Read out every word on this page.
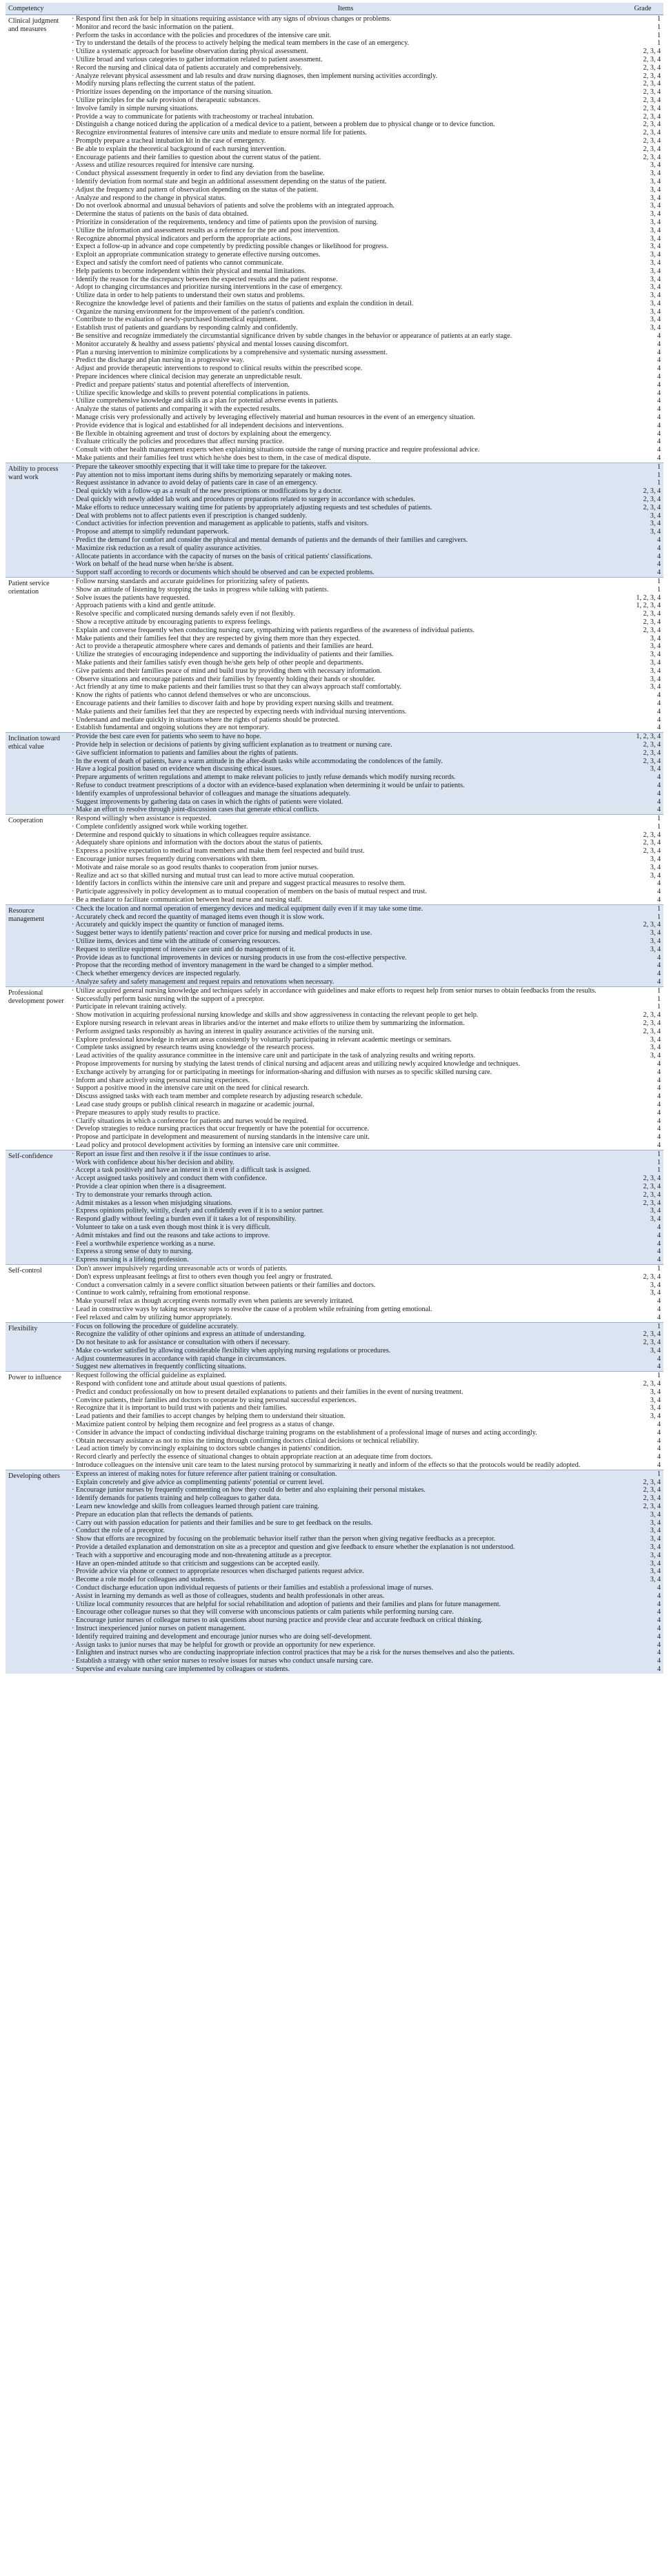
Competency	Items	Grade
Clinical judgment and measures	· Respond first then ask for help in situations requiring assistance with any signs of obvious changes or problems.	1
	· Monitor and record the basic information on the patient.	1
	· Perform the tasks in accordance with the policies and procedures of the intensive care unit.	1
	· Try to understand the details of the process to actively helping the medical team members in the case of an emergency.	1
	· Utilize a systematic approach for baseline observation during physical assessment.	2, 3, 4
	· Utilize broad and various categories to gather information related to patient assessment.	2, 3, 4
	· Record the nursing and clinical data of patients accurately and comprehensively.	2, 3, 4
	· Analyze relevant physical assessment and lab results and draw nursing diagnoses, then implement nursing activities accordingly.	2, 3, 4
	· Modify nursing plans reflecting the current status of the patient.	2, 3, 4
	· Prioritize issues depending on the importance of the nursing situation.	2, 3, 4
	· Utilize principles for the safe provision of therapeutic substances.	2, 3, 4
	· Involve family in simple nursing situations.	2, 3, 4
	· Provide a way to communicate for patients with tracheostomy or tracheal intubation.	2, 3, 4
	· Distinguish a change noticed during the application of a medical device to a patient, between a problem due to physical change or to device function.	2, 3, 4
	· Recognize environmental features of intensive care units and mediate to ensure normal life for patients.	2, 3, 4
	· Promptly prepare a tracheal intubation kit in the case of emergency.	2, 3, 4
	· Be able to explain the theoretical background of each nursing intervention.	2, 3, 4
	· Encourage patients and their families to question about the current status of the patient.	2, 3, 4
	· Assess and utilize resources required for intensive care nursing.	3, 4
	· Conduct physical assessment frequently in order to find any deviation from the baseline.	3, 4
	· Identify deviation from normal state and begin an additional assessment depending on the status of the patient.	3, 4
	· Adjust the frequency and pattern of observation depending on the status of the patient.	3, 4
	· Analyze and respond to the change in physical status.	3, 4
	· Do not overlook abnormal and unusual behaviors of patients and solve the problems with an integrated approach.	3, 4
	· Determine the status of patients on the basis of data obtained.	3, 4
	· Prioritize in consideration of the requirements, tendency and time of patients upon the provision of nursing.	3, 4
	· Utilize the information and assessment results as a reference for the pre and post intervention.	3, 4
	· Recognize abnormal physical indicators and perform the appropriate actions.	3, 4
	· Expect a follow-up in advance and cope competently by predicting possible changes or likelihood for progress.	3, 4
	· Exploit an appropriate communication strategy to generate effective nursing outcomes.	3, 4
	· Expect and satisfy the comfort need of patients who cannot communicate.	3, 4
	· Help patients to become independent within their physical and mental limitations.	3, 4
	· Identify the reason for the discrepancy between the expected results and the patient response.	3, 4
	· Adopt to changing circumstances and prioritize nursing interventions in the case of emergency.	3, 4
	· Utilize data in order to help patients to understand their own status and problems.	3, 4
	· Recognize the knowledge level of patients and their families on the status of patients and explain the condition in detail.	3, 4
	· Organize the nursing environment for the improvement of the patient's condition.	3, 4
	· Contribute to the evaluation of newly-purchased biomedical equipment.	3, 4
	· Establish trust of patients and guardians by responding calmly and confidently.	3, 4
	· Be sensitive and recognize immediately the circumstantial significance driven by subtle changes in the behavior or appearance of patients at an early stage.	4
	· Monitor accurately & healthy and assess patients' physical and mental losses causing discomfort.	4
	· Plan a nursing intervention to minimize complications by a comprehensive and systematic nursing assessment.	4
	· Predict the discharge and plan nursing in a progressive way.	4
	· Adjust and provide therapeutic interventions to respond to clinical results within the prescribed scope.	4
	· Prepare incidences where clinical decision may generate an unpredictable result.	4
	· Predict and prepare patients' status and potential aftereffects of intervention.	4
	· Utilize specific knowledge and skills to prevent potential complications in patients.	4
	· Utilize comprehensive knowledge and skills as a plan for potential adverse events in patients.	4
	· Analyze the status of patients and comparing it with the expected results.	4
	· Manage crisis very professionally and actively by leveraging effectively material and human resources in the event of an emergency situation.	4
	· Provide evidence that is logical and established for all independent decisions and interventions.	4
	· Be flexible in obtaining agreement and trust of doctors by explaining about the emergency.	4
	· Evaluate critically the policies and procedures that affect nursing practice.	4
	· Consult with other health management experts when explaining situations outside the range of nursing practice and require professional advice.	4
	· Make patients and their families feel trust which he/she does best to them, in the case of medical dispute.	4
Ability to process ward work	· Prepare the takeover smoothly expecting that it will take time to prepare for the takeover.	1
	· Pay attention not to miss important items during shifts by memorizing separately or making notes.	1
	· Request assistance in advance to avoid delay of patients care in case of an emergency.	1
	· Deal quickly with a follow-up as a result of the new prescriptions or modifications by a doctor.	2, 3, 4
	· Deal quickly with newly added lab work and procedures or preparations related to surgery in accordance with schedules.	2, 3, 4
	· Make efforts to reduce unnecessary waiting time for patients by appropriately adjusting requests and test schedules of patients.	2, 3, 4
	· Deal with problems not to affect patients even if prescription is changed suddenly.	3, 4
	· Conduct activities for infection prevention and management as applicable to patients, staffs and visitors.	3, 4
	· Propose and attempt to simplify redundant paperwork.	3, 4
	· Predict the demand for comfort and consider the physical and mental demands of patients and the demands of their families and caregivers.	4
	· Maximize risk reduction as a result of quality assurance activities.	4
	· Allocate patients in accordance with the capacity of nurses on the basis of critical patients' classifications.	4
	· Work on behalf of the head nurse when he/she is absent.	4
	· Support staff according to records or documents which should be observed and can be expected problems.	4
Patient service orientation	· Follow nursing standards and accurate guidelines for prioritizing safety of patients.	1
	· Show an attitude of listening by stopping the tasks in progress while talking with patients.	1
	· Solve issues the patients have requested.	1, 2, 3, 4
	· Approach patients with a kind and gentle attitude.	1, 2, 3, 4
	· Resolve specific and complicated nursing demands safely even if not flexibly.	2, 3, 4
	· Show a receptive attitude by encouraging patients to express feelings.	2, 3, 4
	· Explain and converse frequently when conducting nursing care, sympathizing with patients regardless of the awareness of individual patients.	2, 3, 4
	· Make patients and their families feel that they are respected by giving them more than they expected.	3, 4
	· Act to provide a therapeutic atmosphere where cares and demands of patients and their families are heard.	3, 4
	· Utilize the strategies of encouraging independence and supporting the individuality of patients and their families.	3, 4
	· Make patients and their families satisfy even though he/she gets help of other people and departments.	3, 4
	· Give patients and their families peace of mind and build trust by providing them with necessary information.	3, 4
	· Observe situations and encourage patients and their families by frequently holding their hands or shoulder.	3, 4
	· Act friendly at any time to make patients and their families trust so that they can always approach staff comfortably.	3, 4
	· Know the rights of patients who cannot defend themselves or who are unconscious.	4
	· Encourage patients and their families to discover faith and hope by providing expert nursing skills and treatment.	4
	· Make patients and their families feel that they are respected by expecting needs with individual nursing interventions.	4
	· Understand and mediate quickly in situations where the rights of patients should be protected.	4
	· Establish fundamental and ongoing solutions they are not temporary.	4
Inclination toward ethical value	· Provide the best care even for patients who seem to have no hope.	1, 2, 3, 4
	· Provide help in selection or decisions of patients by giving sufficient explanation as to treatment or nursing care.	2, 3, 4
	· Give sufficient information to patients and families about the rights of patients.	2, 3, 4
	· In the event of death of patients, have a warm attitude in the after-death tasks while accommodating the condolences of the family.	2, 3, 4
	· Have a logical position based on evidence when discussing ethical issues.	3, 4
	· Prepare arguments of written regulations and attempt to make relevant policies to justly refuse demands which modify nursing records.	4
	· Refuse to conduct treatment prescriptions of a doctor with an evidence-based explanation when determining it would be unfair to patients.	4
	· Identify examples of unprofessional behavior of colleagues and manage the situations adequately.	4
	· Suggest improvements by gathering data on cases in which the rights of patients were violated.	4
	· Make an effort to resolve through joint-discussion cases that generate ethical conflicts.	4
Cooperation	· Respond willingly when assistance is requested.	1
	· Complete confidently assigned work while working together.	1
	· Determine and respond quickly to situations in which colleagues require assistance.	2, 3, 4
	· Adequately share opinions and information with the doctors about the status of patients.	2, 3, 4
	· Express a positive expectation to medical team members and make them feel respected and build trust.	2, 3, 4
	· Encourage junior nurses frequently during conversations with them.	3, 4
	· Motivate and raise morale so as good results thanks to cooperation from junior nurses.	3, 4
	· Realize and act so that skilled nursing and mutual trust can lead to more active mutual cooperation.	3, 4
	· Identify factors in conflicts within the intensive care unit and prepare and suggest practical measures to resolve them.	4
	· Participate aggressively in policy development as to mutual cooperation of members on the basis of mutual respect and trust.	4
	· Be a mediator to facilitate communication between head nurse and nursing staff.	4
Resource management	· Check the location and normal operation of emergency devices and medical equipment daily even if it may take some time.	1
	· Accurately check and record the quantity of managed items even though it is slow work.	1
	· Accurately and quickly inspect the quantity or function of managed items.	2, 3, 4
	· Suggest better ways to identify patients' reaction and cover price for nursing and medical products in use.	3, 4
	· Utilize items, devices and time with the attitude of conserving resources.	3, 4
	· Request to sterilize equipment of intensive care unit and do management of it.	3, 4
	· Provide ideas as to functional improvements in devices or nursing products in use from the cost-effective perspective.	4
	· Propose that the recording method of inventory management in the ward be changed to a simpler method.	4
	· Check whether emergency devices are inspected regularly.	4
	· Analyze safety and safety management and request repairs and renovations when necessary.	4
Professional development power	· Utilize acquired general nursing knowledge and techniques safely in accordance with guidelines and make efforts to request help from senior nurses to obtain feedbacks from the results.	1
	· Successfully perform basic nursing with the support of a preceptor.	1
	· Participate in relevant training actively.	1
	· Show motivation in acquiring professional nursing knowledge and skills and show aggressiveness in contacting the relevant people to get help.	2, 3, 4
	· Explore nursing research in relevant areas in libraries and/or the internet and make efforts to utilize them by summarizing the information.	2, 3, 4
	· Perform assigned tasks responsibly as having an interest in quality assurance activities of the nursing unit.	2, 3, 4
	· Explore professional knowledge in relevant areas consistently by voluntarily participating in relevant academic meetings or seminars.	3, 4
	· Complete tasks assigned by research teams using knowledge of the research process.	3, 4
	· Lead activities of the quality assurance committee in the intensive care unit and participate in the task of analyzing results and writing reports.	3, 4
	· Propose improvements for nursing by studying the latest trends of clinical nursing and adjacent areas and utilizing newly acquired knowledge and techniques.	4
	· Exchange actively by arranging for or participating in meetings for information-sharing and diffusion with nurses as to specific skilled nursing care.	4
	· Inform and share actively using personal nursing experiences.	4
	· Support a positive mood in the intensive care unit on the need for clinical research.	4
	· Discuss assigned tasks with each team member and complete research by adjusting research schedule.	4
	· Lead case study groups or publish clinical research in magazine or academic journal.	4
	· Prepare measures to apply study results to practice.	4
	· Clarify situations in which a conference for patients and nurses would be required.	4
	· Develop strategies to reduce nursing practices that occur frequently or have the potential for occurrence.	4
	· Propose and participate in development and measurement of nursing standards in the intensive care unit.	4
	· Lead policy and protocol development activities by forming an intensive care unit committee.	4
Self-confidence	· Report an issue first and then resolve it if the issue continues to arise.	1
	· Work with confidence about his/her decision and ability.	1
	· Accept a task positively and have an interest in it even if a difficult task is assigned.	1
	· Accept assigned tasks positively and conduct them with confidence.	2, 3, 4
	· Provide a clear opinion when there is a disagreement.	2, 3, 4
	· Try to demonstrate your remarks through action.	2, 3, 4
	· Admit mistakes as a lesson when misjudging situations.	2, 3, 4
	· Express opinions politely, wittily, clearly and confidently even if it is to a senior partner.	3, 4
	· Respond gladly without feeling a burden even if it takes a lot of responsibility.	3, 4
	· Volunteer to take on a task even though most think it is very difficult.	4
	· Admit mistakes and find out the reasons and take actions to improve.	4
	· Feel a worthwhile experience working as a nurse.	4
	· Express a strong sense of duty to nursing.	4
	· Express nursing is a lifelong profession.	4
Self-control	· Don't answer impulsively regarding unreasonable acts or words of patients.	1
	· Don't express unpleasant feelings at first to others even though you feel angry or frustrated.	2, 3, 4
	· Conduct a conversation calmly in a severe conflict situation between patients or their families and doctors.	3, 4
	· Continue to work calmly, refraining from emotional response.	3, 4
	· Make yourself relax as though accepting events normally even when patients are severely irritated.	4
	· Lead in constructive ways by taking necessary steps to resolve the cause of a problem while refraining from getting emotional.	4
	· Feel relaxed and calm by utilizing humor appropriately.	4
Flexibility	· Focus on following the procedure of guideline accurately.	1
	· Recognize the validity of other opinions and express an attitude of understanding.	2, 3, 4
	· Do not hesitate to ask for assistance or consultation with others if necessary.	2, 3, 4
	· Make co-worker satisfied by allowing considerable flexibility when applying nursing regulations or procedures.	3, 4
	· Adjust countermeasures in accordance with rapid change in circumstances.	4
	· Suggest new alternatives in frequently conflicting situations.	4
Power to influence	· Request following the official guideline as explained.	1
	· Respond with confident tone and attitude about usual questions of patients.	2, 3, 4
	· Predict and conduct professionally on how to present detailed explanations to patients and their families in the event of nursing treatment.	3, 4
	· Convince patients, their families and doctors to cooperate by using personal successful experiences.	3, 4
	· Recognize that it is important to build trust with patients and their families.	3, 4
	· Lead patients and their families to accept changes by helping them to understand their situation.	3, 4
	· Maximize patient control by helping them recognize and feel progress as a status of change.	4
	· Consider in advance the impact of conducting individual discharge training programs on the establishment of a professional image of nurses and acting accordingly.	4
	· Obtain necessary assistance as not to miss the timing through confirming doctors clinical decisions or technical reliability.	4
	· Lead action timely by convincingly explaining to doctors subtle changes in patients' condition.	4
	· Record clearly and perfectly the essence of situational changes to obtain appropriate reaction at an adequate time from doctors.	4
	· Introduce colleagues on the intensive unit care team to the latest nursing protocol by summarizing it neatly and inform of the effects so that the protocols would be readily adopted.	4
Developing others	· Express an interest of making notes for future reference after patient training or consultation.	1
	· Explain concretely and give advice as complimenting patients' potential or current level.	2, 3, 4
	· Encourage junior nurses by frequently commenting on how they could do better and also explaining their personal mistakes.	2, 3, 4
	· Identify demands for patients training and help colleagues to gather data.	2, 3, 4
	· Learn new knowledge and skills from colleagues learned through patient care training.	2, 3, 4
	· Prepare an education plan that reflects the demands of patients.	3, 4
	· Carry out with passion education for patients and their families and be sure to get feedback on the results.	3, 4
	· Conduct the role of a preceptor.	3, 4
	· Show that efforts are recognized by focusing on the problematic behavior itself rather than the person when giving negative feedbacks as a preceptor.	3, 4
	· Provide a detailed explanation and demonstration on site as a preceptor and question and give feedback to ensure whether the explanation is not understood.	3, 4
	· Teach with a supportive and encouraging mode and non-threatening attitude as a preceptor.	3, 4
	· Have an open-minded attitude so that criticism and suggestions can be accepted easily.	3, 4
	· Provide advice via phone or connect to appropriate resources when discharged patients request advice.	3, 4
	· Become a role model for colleagues and students.	3, 4
	· Conduct discharge education upon individual requests of patients or their families and establish a professional image of nurses.	4
	· Assist in learning my demands as well as those of colleagues, students and health professionals in other areas.	4
	· Utilize local community resources that are helpful for social rehabilitation and adoption of patients and their families and plans for future management.	4
	· Encourage other colleague nurses so that they will converse with unconscious patients or calm patients while performing nursing care.	4
	· Encourage junior nurses of colleague nurses to ask questions about nursing practice and provide clear and accurate feedback on critical thinking.	4
	· Instruct inexperienced junior nurses on patient management.	4
	· Identify required training and development and encourage junior nurses who are doing self-development.	4
	· Assign tasks to junior nurses that may be helpful for growth or provide an opportunity for new experience.	4
	· Enlighten and instruct nurses who are conducting inappropriate infection control practices that may be a risk for the nurses themselves and also the patients.	4
	· Establish a strategy with other senior nurses to resolve issues for nurses who conduct unsafe nursing care.	4
	· Supervise and evaluate nursing care implemented by colleagues or students.	4
